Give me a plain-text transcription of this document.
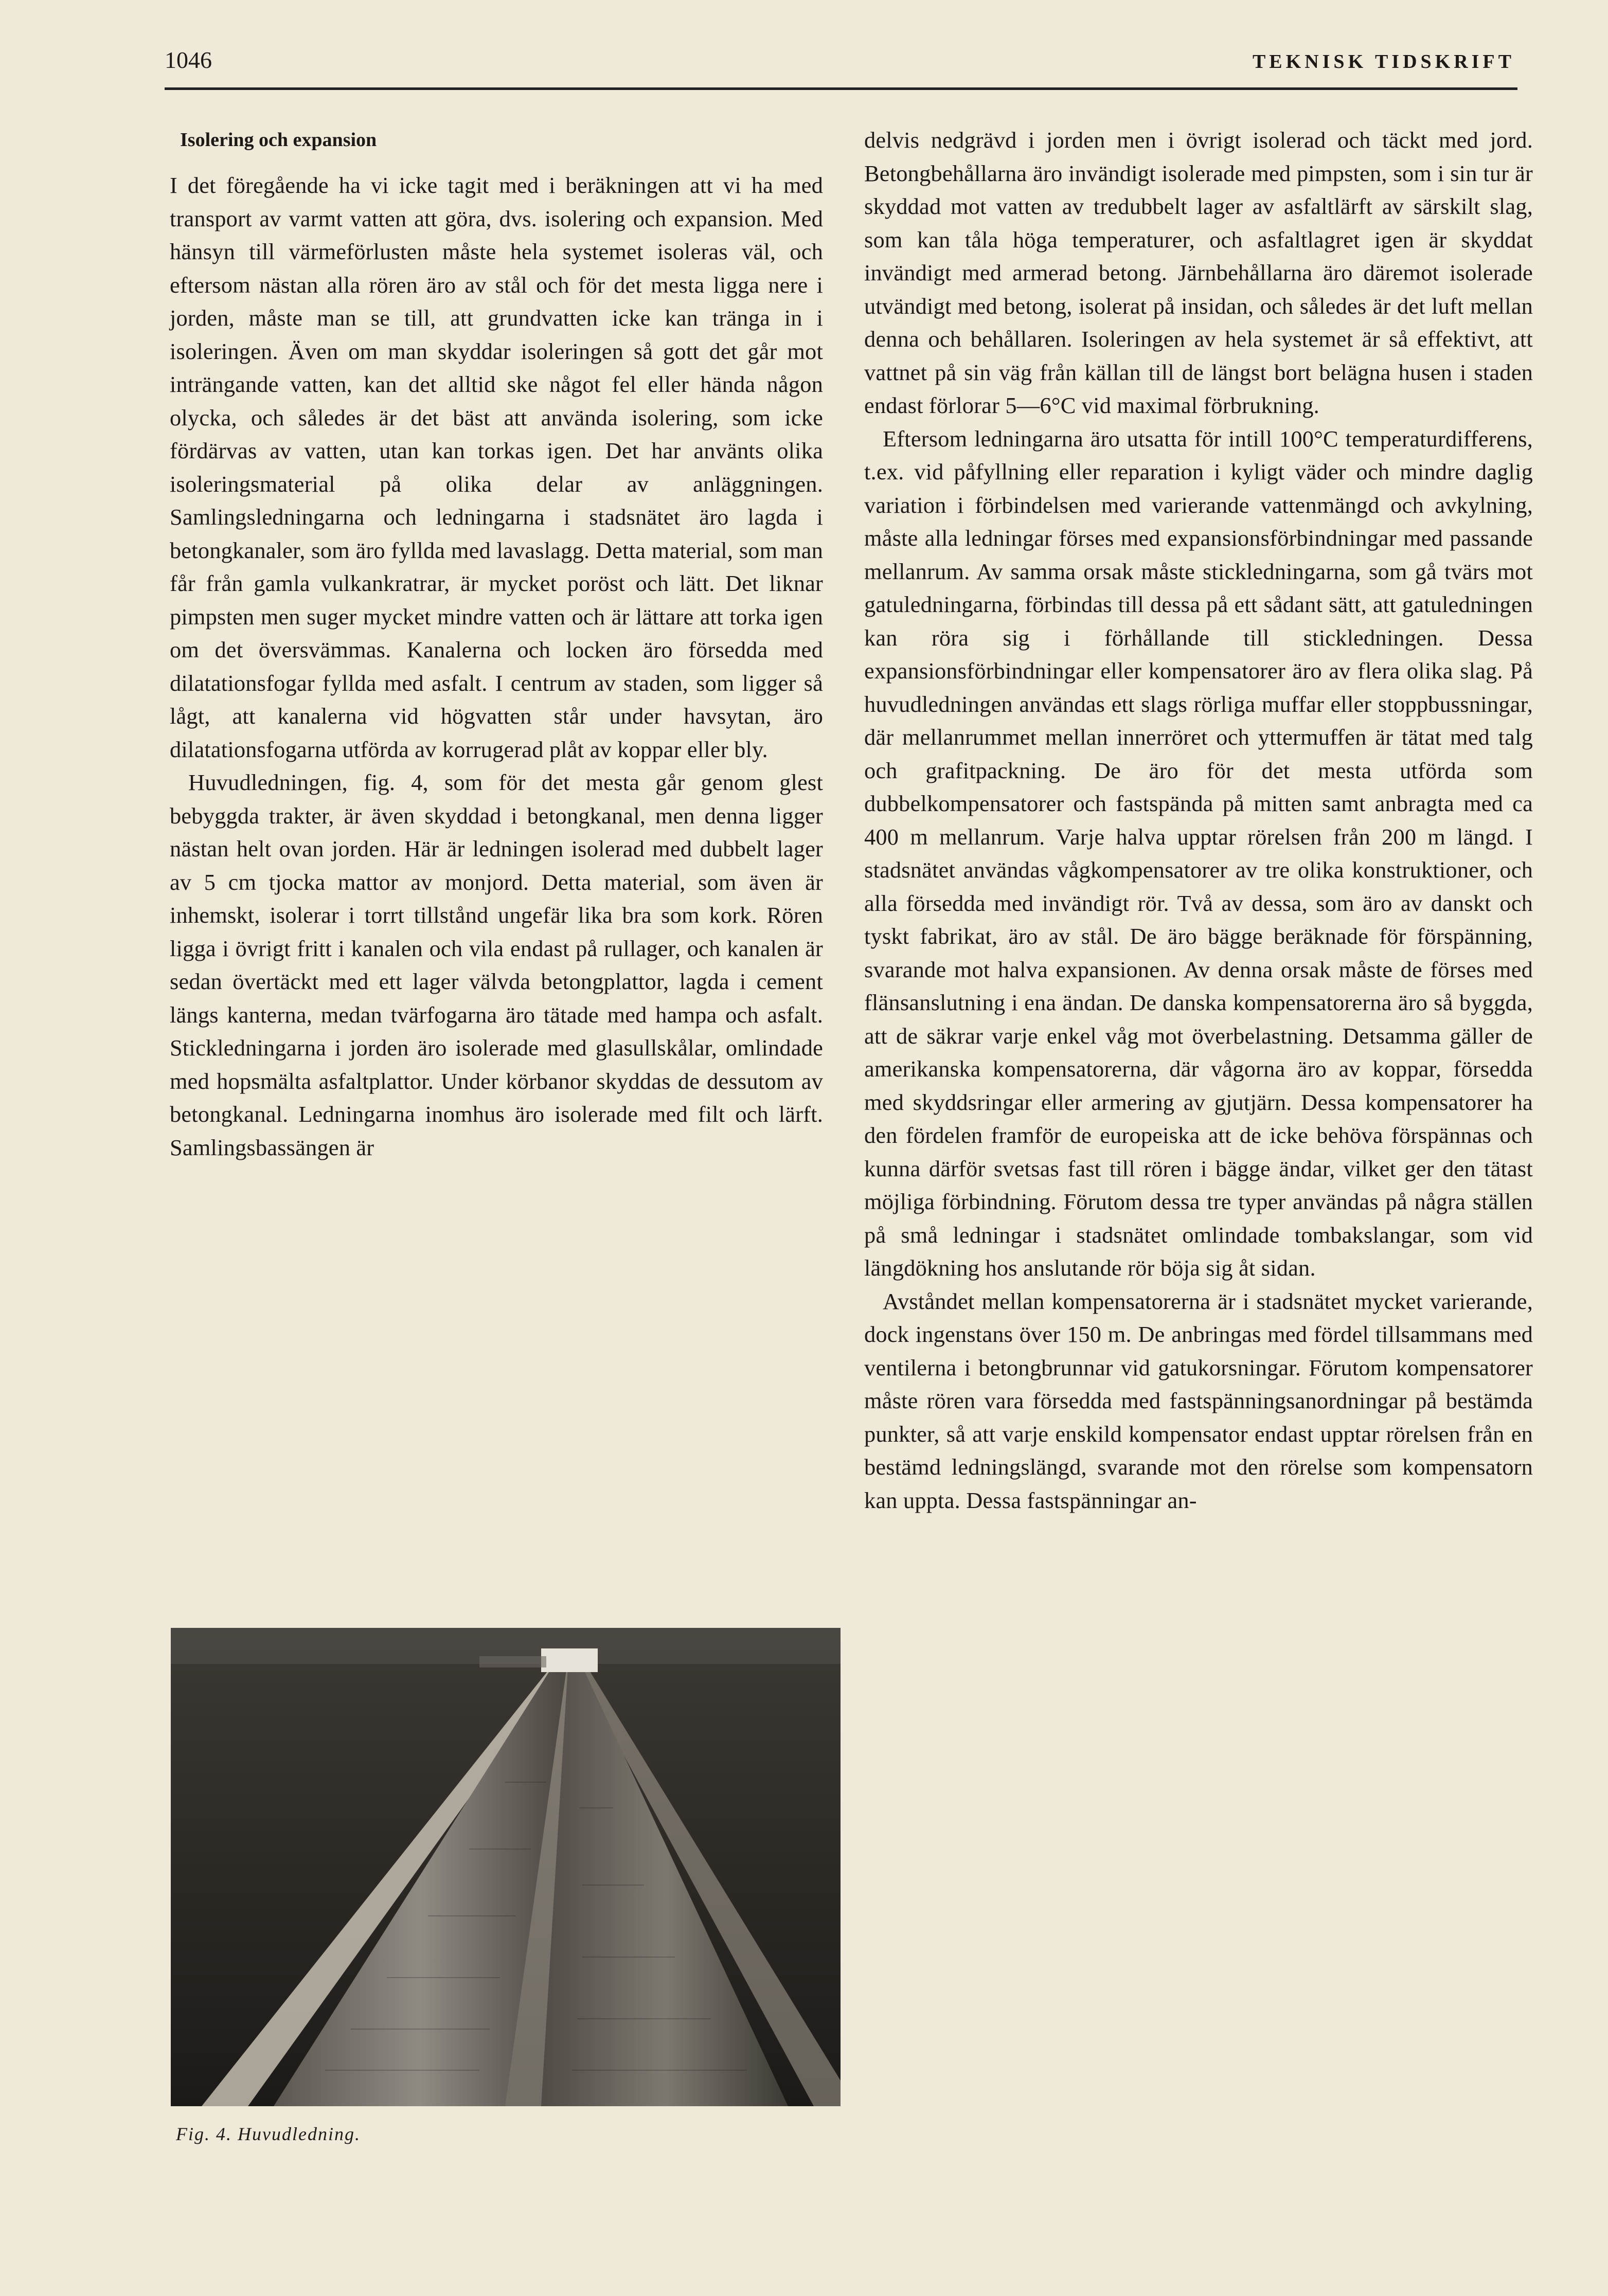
1046	TEKNISK TIDSKRIFT
Isolering och expansion

I det föregående ha vi icke tagit med i beräkningen att vi ha med transport av varmt vatten att göra, dvs. isolering och expansion. Med hänsyn till värmeförlusten måste hela systemet isoleras väl, och eftersom nästan alla rören äro av stål och för det mesta ligga nere i jorden, måste man se till, att grundvatten icke kan tränga in i isoleringen. Även om man skyddar isoleringen så gott det går mot inträngande vatten, kan det alltid ske något fel eller hända någon olycka, och således är det bäst att använda isolering, som icke fördärvas av vatten, utan kan torkas igen. Det har använts olika isoleringsmaterial på olika delar av anläggningen. Samlingsledningarna och ledningarna i stadsnätet äro lagda i betongkanaler, som äro fyllda med lavaslagg. Detta material, som man får från gamla vulkankratrar, är mycket poröst och lätt. Det liknar pimpsten men suger mycket mindre vatten och är lättare att torka igen om det översvämmas. Kanalerna och locken äro försedda med dilatationsfogar fyllda med asfalt. I centrum av staden, som ligger så lågt, att kanalerna vid högvatten står under havsytan, äro dilatationsfogarna utförda av korrugerad plåt av koppar eller bly.

Huvudledningen, fig. 4, som för det mesta går genom glest bebyggda trakter, är även skyddad i betongkanal, men denna ligger nästan helt ovan jorden. Här är ledningen isolerad med dubbelt lager av 5 cm tjocka mattor av monjord. Detta material, som även är inhemskt, isolerar i torrt tillstånd ungefär lika bra som kork. Rören ligga i övrigt fritt i kanalen och vila endast på rullager, och kanalen är sedan övertäckt med ett lager välvda betongplattor, lagda i cement längs kanterna, medan tvärfogarna äro tätade med hampa och asfalt. Stickledningarna i jorden äro isolerade med glasullskålar, omlindade med hopsmälta asfaltplattor. Under körbanor skyddas de dessutom av betongkanal. Ledningarna inomhus äro isolerade med filt och lärft. Samlingsbassängen är

delvis nedgrävd i jorden men i övrigt isolerad och täckt med jord. Betongbehållarna äro invändigt isolerade med pimpsten, som i sin tur är skyddad mot vatten av tredubbelt lager av asfaltlärft av särskilt slag, som kan tåla höga temperaturer, och asfaltlagret igen är skyddat invändigt med armerad betong. Järnbehållarna äro däremot isolerade utvändigt med betong, isolerat på insidan, och således är det luft mellan denna och behållaren. Isoleringen av hela systemet är så effektivt, att vattnet på sin väg från källan till de längst bort belägna husen i staden endast förlorar 5—6°C vid maximal förbrukning.

Eftersom ledningarna äro utsatta för intill 100°C temperaturdifferens, t.ex. vid påfyllning eller reparation i kyligt väder och mindre daglig variation i förbindelsen med varierande vattenmängd och avkylning, måste alla ledningar förses med expansionsförbindningar med passande mellanrum. Av samma orsak måste stickledningarna, som gå tvärs mot gatuledningarna, förbindas till dessa på ett sådant sätt, att gatuledningen kan röra sig i förhållande till stickledningen. Dessa expansionsförbindningar eller kompensatorer äro av flera olika slag. På huvudledningen användas ett slags rörliga muffar eller stoppbussningar, där mellanrummet mellan innerröret och yttermuffen är tätat med talg och grafitpackning. De äro för det mesta utförda som dubbelkompensatorer och fastspända på mitten samt anbragta med ca 400 m mellanrum. Varje halva upptar rörelsen från 200 m längd. I stadsnätet användas vågkompensatorer av tre olika konstruktioner, och alla försedda med invändigt rör. Två av dessa, som äro av danskt och tyskt fabrikat, äro av stål. De äro bägge beräknade för förspänning, svarande mot halva expansionen. Av denna orsak måste de förses med flänsanslutning i ena ändan. De danska kompensatorerna äro så byggda, att de säkrar varje enkel våg mot överbelastning. Detsamma gäller de amerikanska kompensatorerna, där vågorna äro av koppar, försedda med skyddsringar eller armering av gjutjärn. Dessa kompensatorer ha den fördelen framför de europeiska att de icke behöva förspännas och kunna därför svetsas fast till rören i bägge ändar, vilket ger den tätast möjliga förbindning. Förutom dessa tre typer användas på några ställen på små ledningar i stadsnätet omlindade tombakslangar, som vid längdökning hos anslutande rör böja sig åt sidan.

Avståndet mellan kompensatorerna är i stadsnätet mycket varierande, dock ingenstans över 150 m. De anbringas med fördel tillsammans med ventilerna i betongbrunnar vid gatukorsningar. Förutom kompensatorer måste rören vara försedda med fastspänningsanordningar på bestämda punkter, så att varje enskild kompensator endast upptar rörelsen från en bestämd ledningslängd, svarande mot den rörelse som kompensatorn kan uppta. Dessa fastspänningar an-

Fig. 4. Huvudledning.
